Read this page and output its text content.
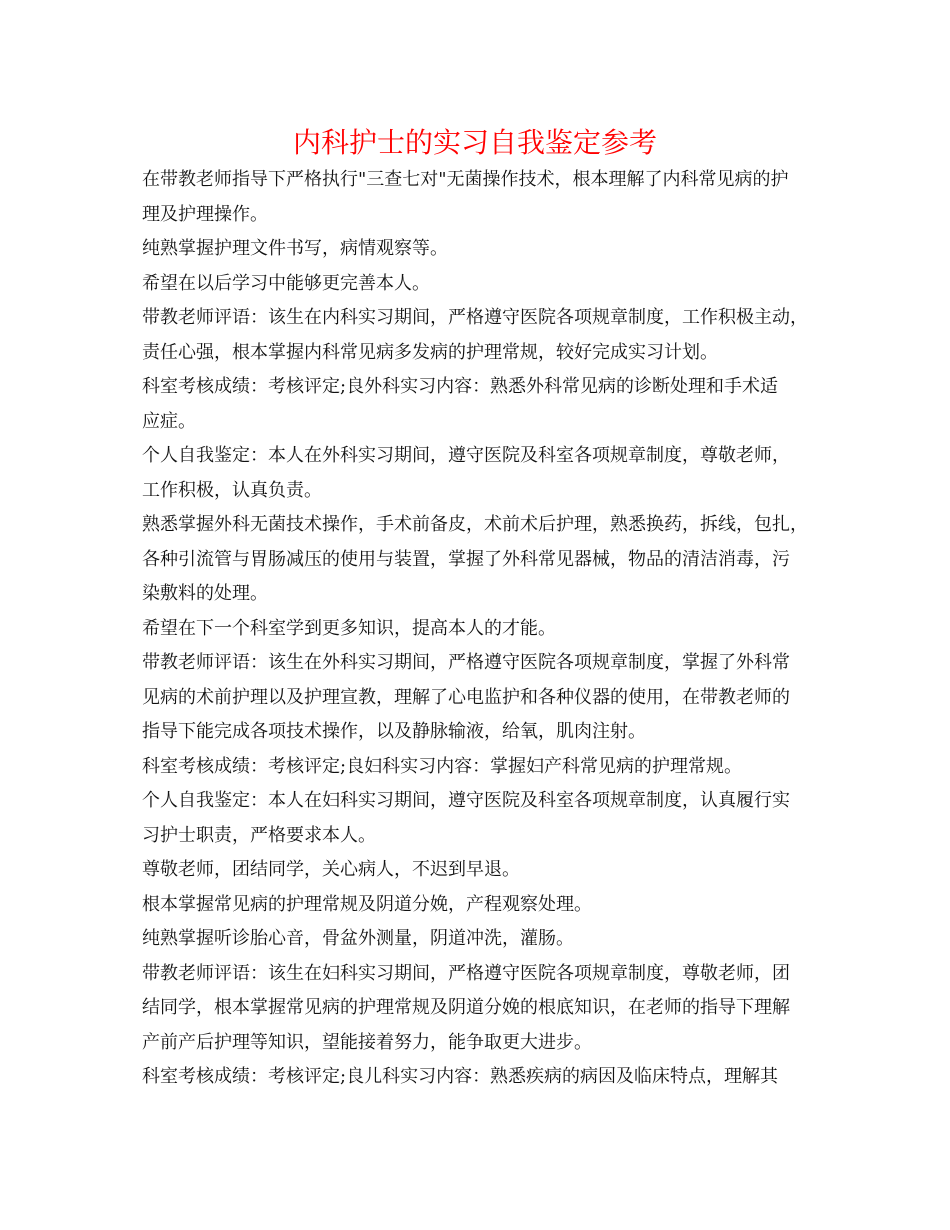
内科护士的实习自我鉴定参考
在带教老师指导下严格执行"三查七对"无菌操作技术，根本理解了内科常见病的护
理及护理操作。
纯熟掌握护理文件书写，病情观察等。
希望在以后学习中能够更完善本人。
带教老师评语：该生在内科实习期间，严格遵守医院各项规章制度，工作积极主动，
责任心强，根本掌握内科常见病多发病的护理常规，较好完成实习计划。
科室考核成绩：考核评定;良外科实习内容：熟悉外科常见病的诊断处理和手术适
应症。
个人自我鉴定：本人在外科实习期间，遵守医院及科室各项规章制度，尊敬老师，
工作积极，认真负责。
熟悉掌握外科无菌技术操作，手术前备皮，术前术后护理，熟悉换药，拆线，包扎，
各种引流管与胃肠减压的使用与装置，掌握了外科常见器械，物品的清洁消毒，污
染敷料的处理。
希望在下一个科室学到更多知识，提高本人的才能。
带教老师评语：该生在外科实习期间，严格遵守医院各项规章制度，掌握了外科常
见病的术前护理以及护理宣教，理解了心电监护和各种仪器的使用，在带教老师的
指导下能完成各项技术操作，以及静脉输液，给氧，肌肉注射。
科室考核成绩：考核评定;良妇科实习内容：掌握妇产科常见病的护理常规。
个人自我鉴定：本人在妇科实习期间，遵守医院及科室各项规章制度，认真履行实
习护士职责，严格要求本人。
尊敬老师，团结同学，关心病人，不迟到早退。
根本掌握常见病的护理常规及阴道分娩，产程观察处理。
纯熟掌握听诊胎心音，骨盆外测量，阴道冲洗，灌肠。
带教老师评语：该生在妇科实习期间，严格遵守医院各项规章制度，尊敬老师，团
结同学，根本掌握常见病的护理常规及阴道分娩的根底知识，在老师的指导下理解
产前产后护理等知识，望能接着努力，能争取更大进步。
科室考核成绩：考核评定;良儿科实习内容：熟悉疾病的病因及临床特点，理解其
